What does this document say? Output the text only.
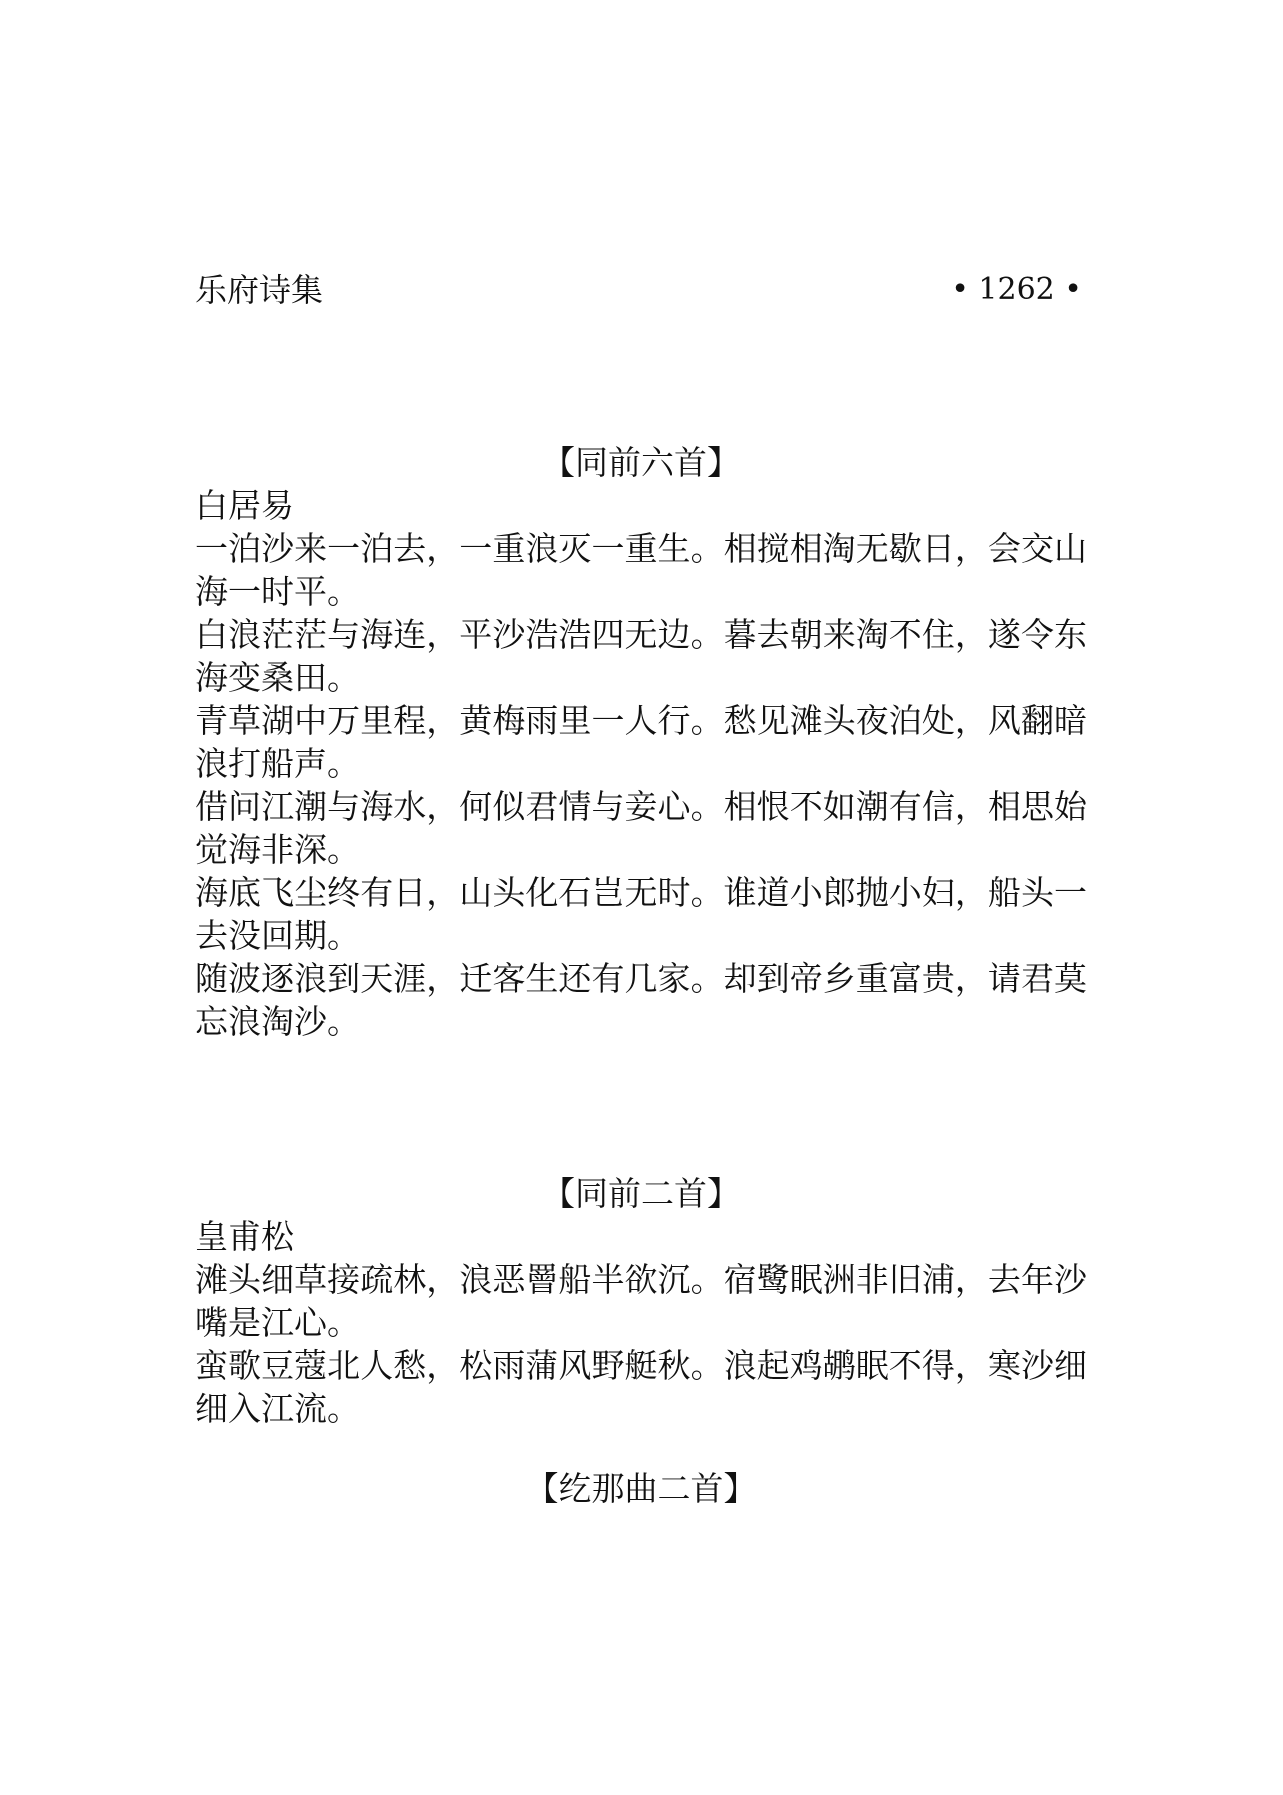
乐府诗集	• 1262 •
【同前六首】
白居易
一泊沙来一泊去，一重浪灭一重生。相搅相淘无歇日，会交山海一时平。
白浪茫茫与海连，平沙浩浩四无边。暮去朝来淘不住，遂令东海变桑田。
青草湖中万里程，黄梅雨里一人行。愁见滩头夜泊处，风翻暗浪打船声。
借问江潮与海水，何似君情与妾心。相恨不如潮有信，相思始觉海非深。
海底飞尘终有日，山头化石岂无时。谁道小郎抛小妇，船头一去没回期。
随波逐浪到天涯，迁客生还有几家。却到帝乡重富贵，请君莫忘浪淘沙。
【同前二首】
皇甫松
滩头细草接疏林，浪恶罾船半欲沉。宿鹭眠洲非旧浦，去年沙嘴是江心。
蛮歌豆蔻北人愁，松雨蒲风野艇秋。浪起鸡鹕眠不得，寒沙细细入江流。
【纥那曲二首】
